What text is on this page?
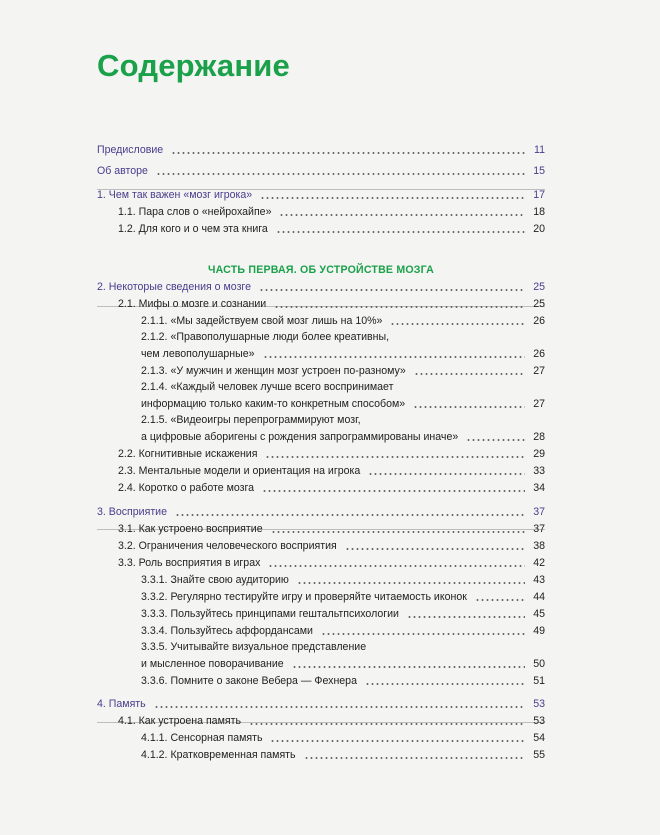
Содержание
ЧАСТЬ ПЕРВАЯ. ОБ УСТРОЙСТВЕ МОЗГА
Предисловие	11
Об авторе	15
1. Чем так важен «мозг игрока»	17
1.1. Пара слов о «нейрохайпе»	18
1.2. Для кого и о чем эта книга	20
2. Некоторые сведения о мозге	25
2.1. Мифы о мозге и сознании	25
2.1.1. «Мы задействуем свой мозг лишь на 10%»	26
2.1.2. «Правополушарные люди более креативны,
чем левополушарные»	26
2.1.3. «У мужчин и женщин мозг устроен по-разному»	27
2.1.4. «Каждый человек лучше всего воспринимает
информацию только каким-то конкретным способом»	27
2.1.5. «Видеоигры перепрограммируют мозг,
а цифровые аборигены с рождения запрограммированы иначе»	28
2.2. Когнитивные искажения	29
2.3. Ментальные модели и ориентация на игрока	33
2.4. Коротко о работе мозга	34
3. Восприятие	37
3.1. Как устроено восприятие	37
3.2. Ограничения человеческого восприятия	38
3.3. Роль восприятия в играх	42
3.3.1. Знайте свою аудиторию	43
3.3.2. Регулярно тестируйте игру и проверяйте читаемость иконок	44
3.3.3. Пользуйтесь принципами гештальтпсихологии	45
3.3.4. Пользуйтесь аффордансами	49
3.3.5. Учитывайте визуальное представление
и мысленное поворачивание	50
3.3.6. Помните о законе Вебера — Фехнера	51
4. Память	53
4.1. Как устроена память	53
4.1.1. Сенсорная память	54
4.1.2. Кратковременная память	55
